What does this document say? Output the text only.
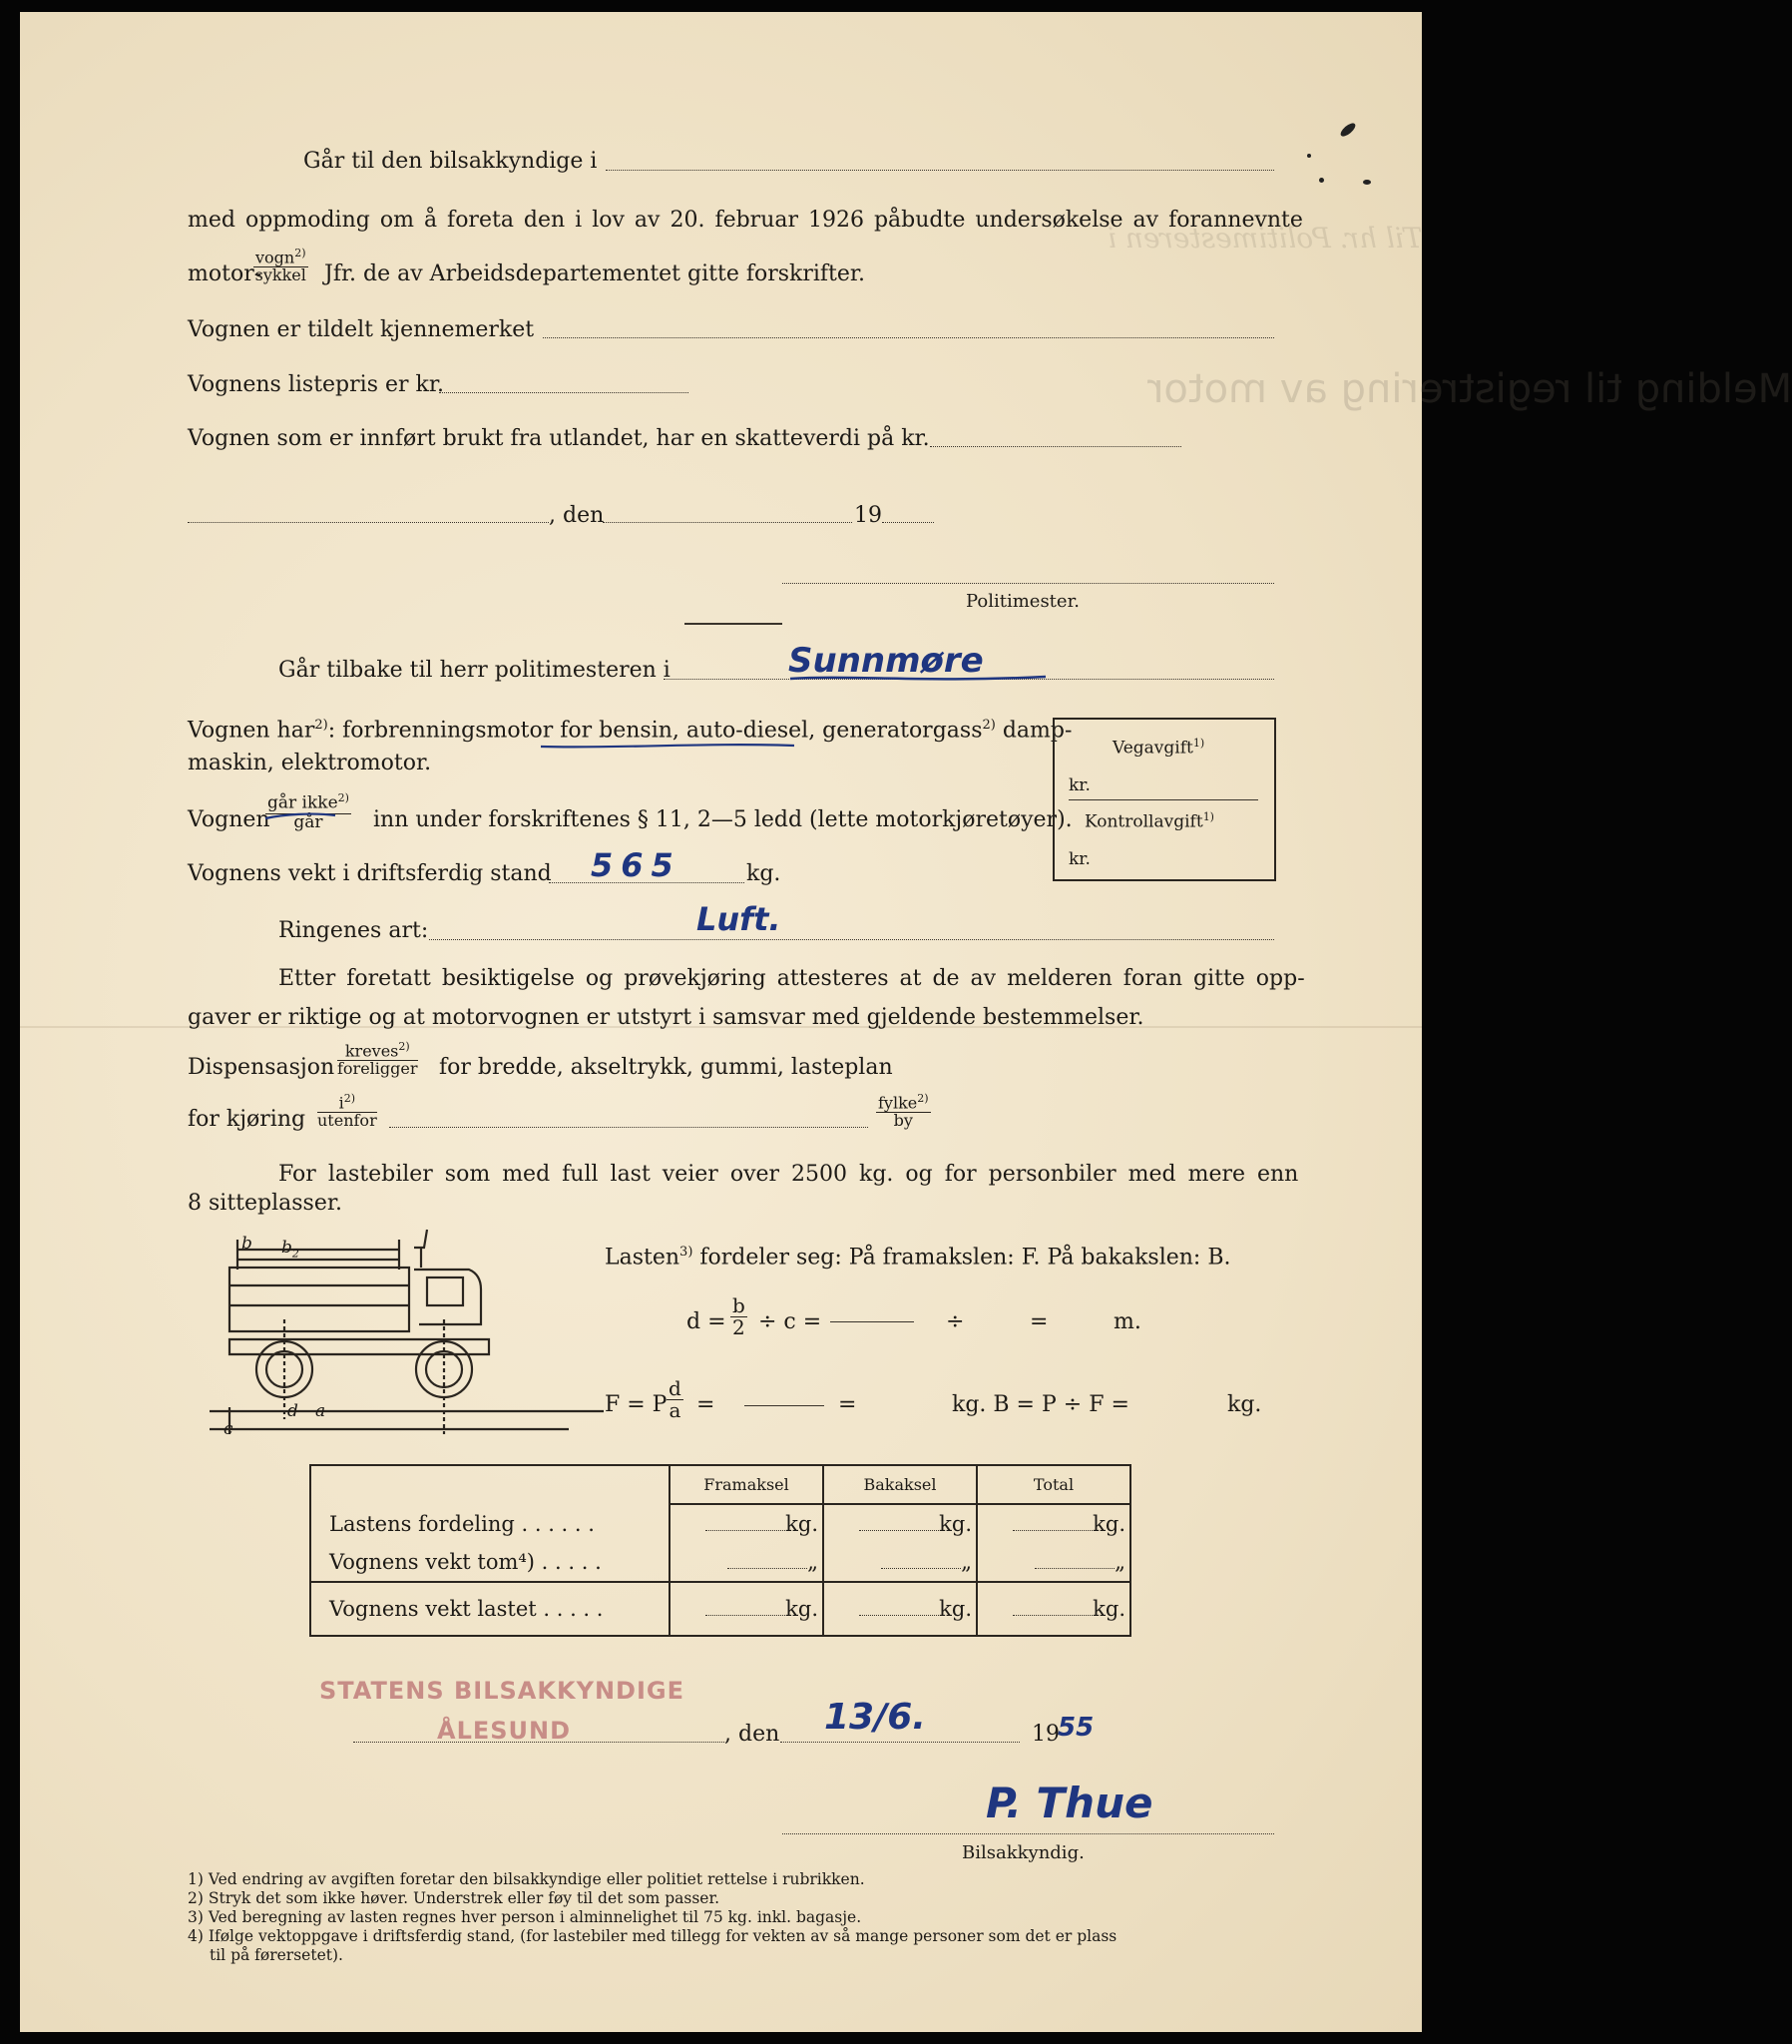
Melding til registrering av motor
Til hr. Politimesteren i
Går til den bilsakkyndige i
med oppmoding om å foreta den i lov av 20. februar 1926 påbudte undersøkelse av forannevnte
motor-
vogn$^{2)}$
sykkel Jfr. de av Arbeidsdepartementet gitte forskrifter.
Vognen er tildelt kjennemerket
Vognens listepris er kr.
Vognen som er innført brukt fra utlandet, har en skatteverdi på kr.
, den	19
Politimester.
Går tilbake til herr politimesteren i	Sunnmøre
Vognen har$^{2)}$: forbrenningsmotor for bensin, auto-diesel, generatorgass$^{2)}$ damp-
maskin, elektromotor.
Vognen
går ikke$^{2)}$
går	inn under forskriftenes § 11, 2—5 ledd (lette motorkjøretøyer).
Vognens vekt i driftsferdig stand 565	kg.
Ringenes art:	Luft.
Etter foretatt besiktigelse og prøvekjøring attesteres at de av melderen foran gitte opp-
gaver er riktige og at motorvognen er utstyrt i samsvar med gjeldende bestemmelser.
Dispensasjon
kreves$^{2)}$
foreligger for bredde, akseltrykk, gummi, lasteplan
for kjøring
$i^{2)}$
utenfor
fylke$^{2)}$
by
For lastebiler som med full last veier over 2500 kg. og for personbiler med mere enn
8 sitteplasser.
Vegavgift$^{1)}$
kr.
Kontrollavgift$^{1)}$
kr.
b $b_2$
d a
c
Lasten$^{3)}$ fordeler seg: På framakslen: F. På bakakslen: B.
$d = \frac{b}{2} \div c$ =	÷	=	m.
F = P $\frac{d}{a}$ =	=	kg. B = P ÷ F =	kg.
	Framaksel	Bakaksel	Total
Lastens fordeling . . . . . .	kg.	kg.	kg.
Vognens vekt tom⁴) . . . . .	„	„	„
Vognens vekt lastet . . . . .	kg.	kg.	kg.
STATENS BILSAKKYNDIGE
ÅLESUND	, den 13/6.	19
55
P. Thue
Bilsakkyndig.
1) Ved endring av avgiften foretar den bilsakkyndige eller politiet rettelse i rubrikken.
2) Stryk det som ikke høver. Understrek eller føy til det som passer.
3) Ved beregning av lasten regnes hver person i alminnelighet til 75 kg. inkl. bagasje.
4) Ifølge vektoppgave i driftsferdig stand, (for lastebiler med tillegg for vekten av så mange personer som det er plass
til på førersetet).
